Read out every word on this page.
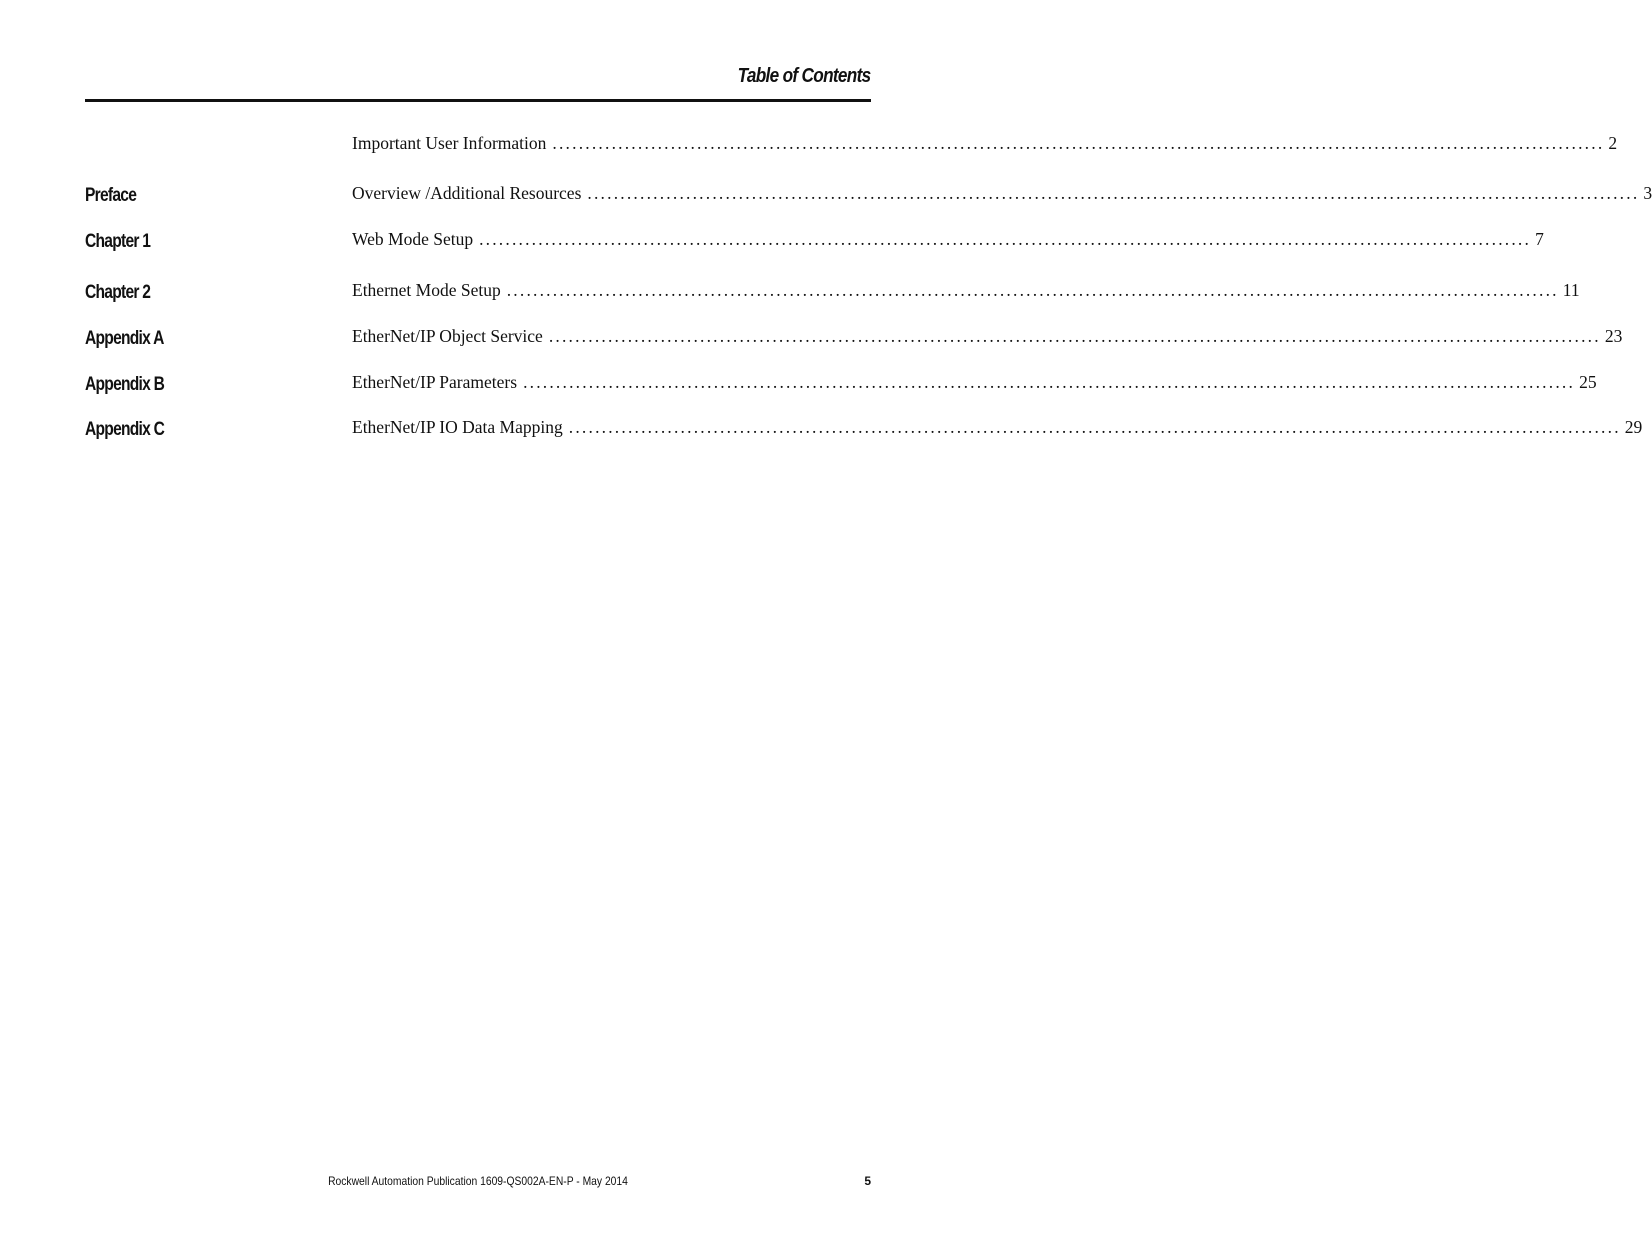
Table of Contents
Important User Information ................................................................................................................................................................ 2
Preface	Overview /Additional Resources ................................................................................................................................................................ 3
Chapter 1	Web Mode Setup ................................................................................................................................................................ 7
Chapter 2	Ethernet Mode Setup ................................................................................................................................................................ 11
Appendix A	EtherNet/IP Object Service ................................................................................................................................................................ 23
Appendix B	EtherNet/IP Parameters ................................................................................................................................................................ 25
Appendix C	EtherNet/IP IO Data Mapping ................................................................................................................................................................ 29
Rockwell Automation Publication 1609-QS002A-EN-P - May 2014	5
